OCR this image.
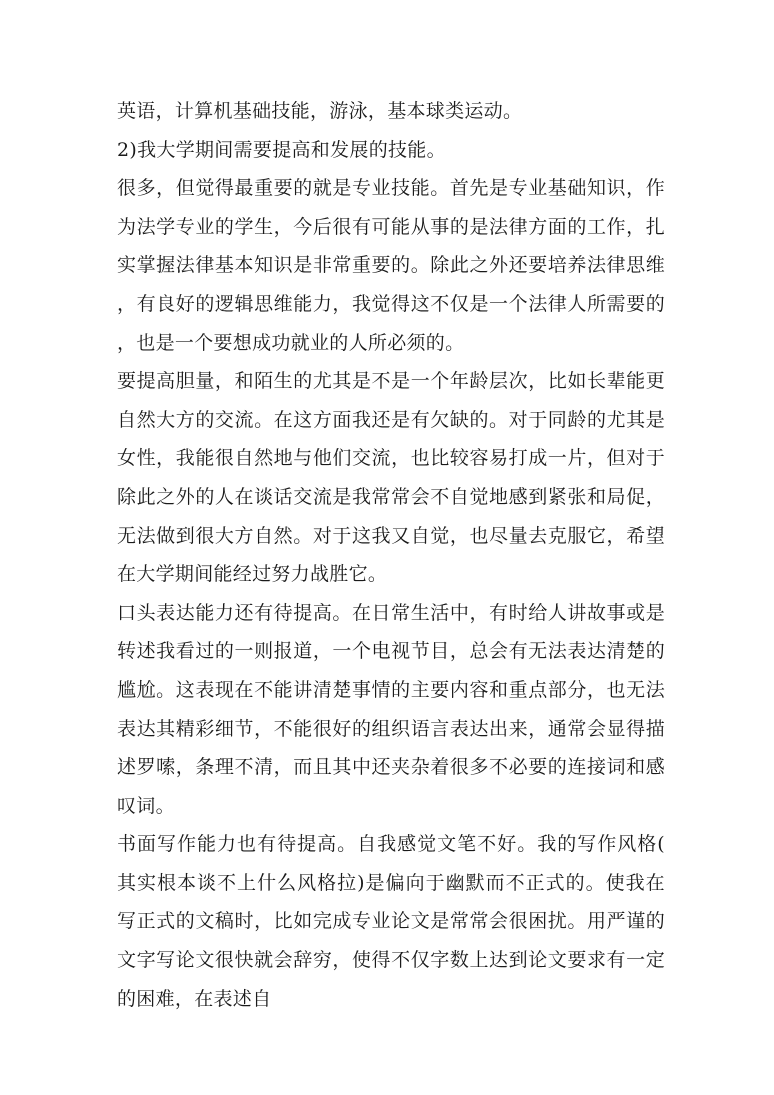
英语，计算机基础技能，游泳，基本球类运动。

2)我大学期间需要提高和发展的技能。

很多，但觉得最重要的就是专业技能。首先是专业基础知识，作为法学专业的学生，今后很有可能从事的是法律方面的工作，扎实掌握法律基本知识是非常重要的。除此之外还要培养法律思维，有良好的逻辑思维能力，我觉得这不仅是一个法律人所需要的，也是一个要想成功就业的人所必须的。

要提高胆量，和陌生的尤其是不是一个年龄层次，比如长辈能更自然大方的交流。在这方面我还是有欠缺的。对于同龄的尤其是女性，我能很自然地与他们交流，也比较容易打成一片，但对于除此之外的人在谈话交流是我常常会不自觉地感到紧张和局促，无法做到很大方自然。对于这我又自觉，也尽量去克服它，希望在大学期间能经过努力战胜它。

口头表达能力还有待提高。在日常生活中，有时给人讲故事或是转述我看过的一则报道，一个电视节目，总会有无法表达清楚的尴尬。这表现在不能讲清楚事情的主要内容和重点部分，也无法表达其精彩细节，不能很好的组织语言表达出来，通常会显得描述罗嗦，条理不清，而且其中还夹杂着很多不必要的连接词和感叹词。

书面写作能力也有待提高。自我感觉文笔不好。我的写作风格(其实根本谈不上什么风格拉)是偏向于幽默而不正式的。使我在写正式的文稿时，比如完成专业论文是常常会很困扰。用严谨的文字写论文很快就会辞穷，使得不仅字数上达到论文要求有一定的困难，在表述自
